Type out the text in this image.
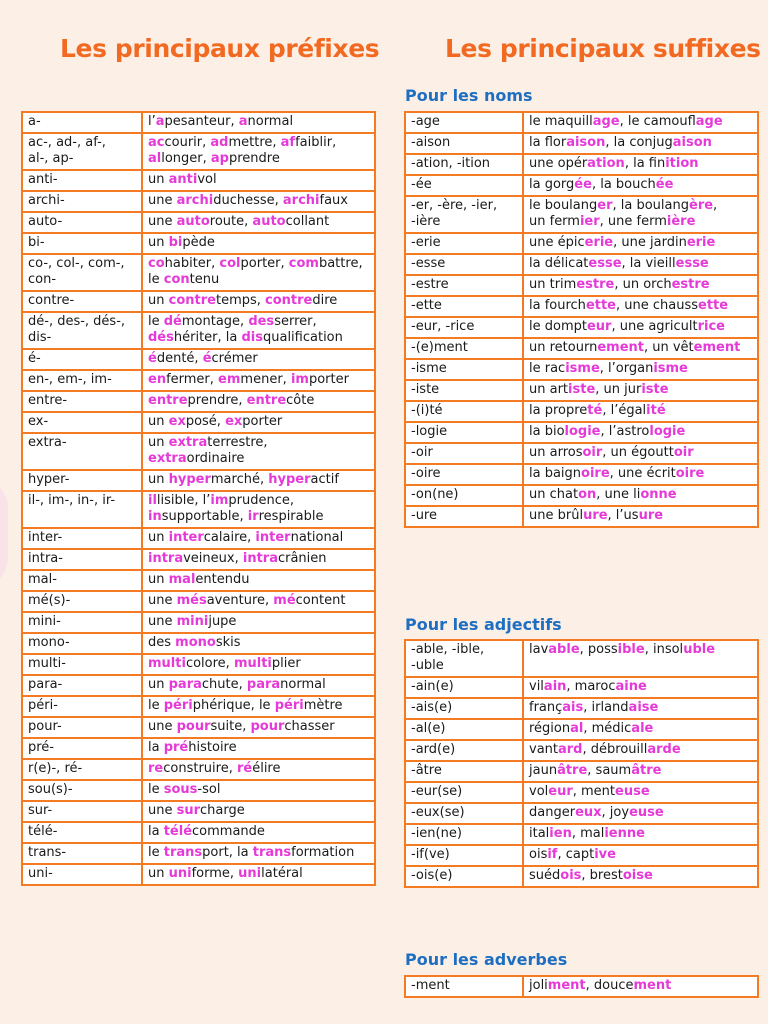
Les principaux préfixes	Les principaux suffixes
a-	l’apesanteur, anormal
ac-, ad-, af-,
al-, ap-	accourir, admettre, affaiblir,
allonger, apprendre
anti-	un antivol
archi-	une archiduchesse, archifaux
auto-	une autoroute, autocollant
bi-	un bipède
co-, col-, com-,
con-	cohabiter, colporter, combattre,
le contenu
contre-	un contretemps, contredire
dé-, des-, dés-,
dis-	le démontage, desserrer,
déshériter, la disqualification
é-	édenté, écrémer
en-, em-, im-	enfermer, emmener, importer
entre-	entreprendre, entrecôte
ex-	un exposé, exporter
extra-	un extraterrestre,
extraordinaire
hyper-	un hypermarché, hyperactif
il-, im-, in-, ir-	illisible, l’imprudence,
insupportable, irrespirable
inter-	un intercalaire, international
intra-	intraveineux, intracrânien
mal-	un malentendu
mé(s)-	une mésaventure, mécontent
mini-	une minijupe
mono-	des monoskis
multi-	multicolore, multiplier
para-	un parachute, paranormal
péri-	le périphérique, le périmètre
pour-	une poursuite, pourchasser
pré-	la préhistoire
r(e)-, ré-	reconstruire, réélire
sou(s)-	le sous-sol
sur-	une surcharge
télé-	la télécommande
trans-	le transport, la transformation
uni-	un uniforme, unilatéral
Pour les noms
-age	le maquillage, le camouflage
-aison	la floraison, la conjugaison
-ation, -ition	une opération, la finition
-ée	la gorgée, la bouchée
-er, -ère, -ier,
-ière	le boulanger, la boulangère,
un fermier, une fermière
-erie	une épicerie, une jardinerie
-esse	la délicatesse, la vieillesse
-estre	un trimestre, un orchestre
-ette	la fourchette, une chaussette
-eur, -rice	le dompteur, une agricultrice
-(e)ment	un retournement, un vêtement
-isme	le racisme, l’organisme
-iste	un artiste, un juriste
-(i)té	la propreté, l’égalité
-logie	la biologie, l’astrologie
-oir	un arrosoir, un égouttoir
-oire	la baignoire, une écritoire
-on(ne)	un chaton, une lionne
-ure	une brûlure, l’usure
Pour les adjectifs
-able, -ible,
-uble	lavable, possible, insoluble
-ain(e)	vilain, marocaine
-ais(e)	français, irlandaise
-al(e)	régional, médicale
-ard(e)	vantard, débrouillarde
-âtre	jaunâtre, saumâtre
-eur(se)	voleur, menteuse
-eux(se)	dangereux, joyeuse
-ien(ne)	italien, malienne
-if(ve)	oisif, captive
-ois(e)	suédois, brestoise
Pour les adverbes
-ment	joliment, doucement
